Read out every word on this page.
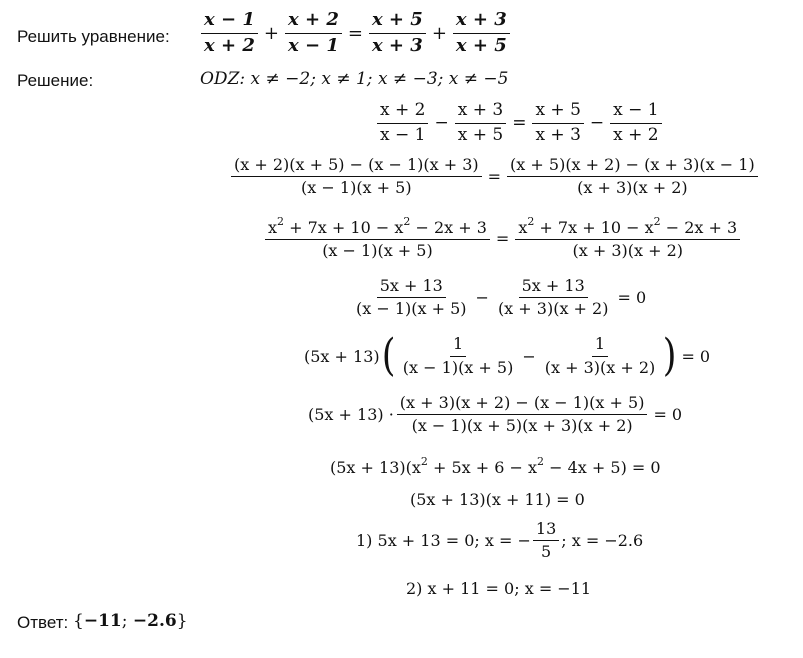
Решить уравнение: $\frac{x - 1}{x + 2} + \frac{x + 2}{x - 1} = \frac{x + 5}{x + 3} + \frac{x + 3}{x + 5}$
Решение:	ODZ: x ≠ −2; x ≠ 1; x ≠ −3; x ≠ −5
$\frac{x + 2}{x - 1} - \frac{x + 3}{x + 5} = \frac{x + 5}{x + 3} - \frac{x - 1}{x + 2}$
$\frac{(x + 2)(x + 5) - (x - 1)(x + 3)}{(x - 1)(x + 5)} = \frac{(x + 5)(x + 2) - (x + 3)(x - 1)}{(x + 3)(x + 2)}$
$\frac{x^2 + 7x + 10 - x^2 - 2x + 3}{(x - 1)(x + 5)} = \frac{x^2 + 7x + 10 - x^2 - 2x + 3}{(x + 3)(x + 2)}$
$\frac{5x + 13}{(x - 1)(x + 5)} - \frac{5x + 13}{(x + 3)(x + 2)} = 0$
(5x + 13) ( $\frac{1}{(x - 1)(x + 5)} - \frac{1}{(x + 3)(x + 2)}$ ) = 0
$(5x + 13) \cdot \frac{(x + 3)(x + 2) - (x - 1)(x + 5)}{(x - 1)(x + 5)(x + 3)(x + 2)} = 0$
$(5x + 13)(x^2 + 5x + 6 - x^2 - 4x + 5) = 0$
(5x + 13)(x + 11) = 0
1) 5x + 13 = 0; x = − $\frac{13}{5}$ ; x = −2.6
2) x + 11 = 0; x = −11
Ответ: {−11; −2.6}
